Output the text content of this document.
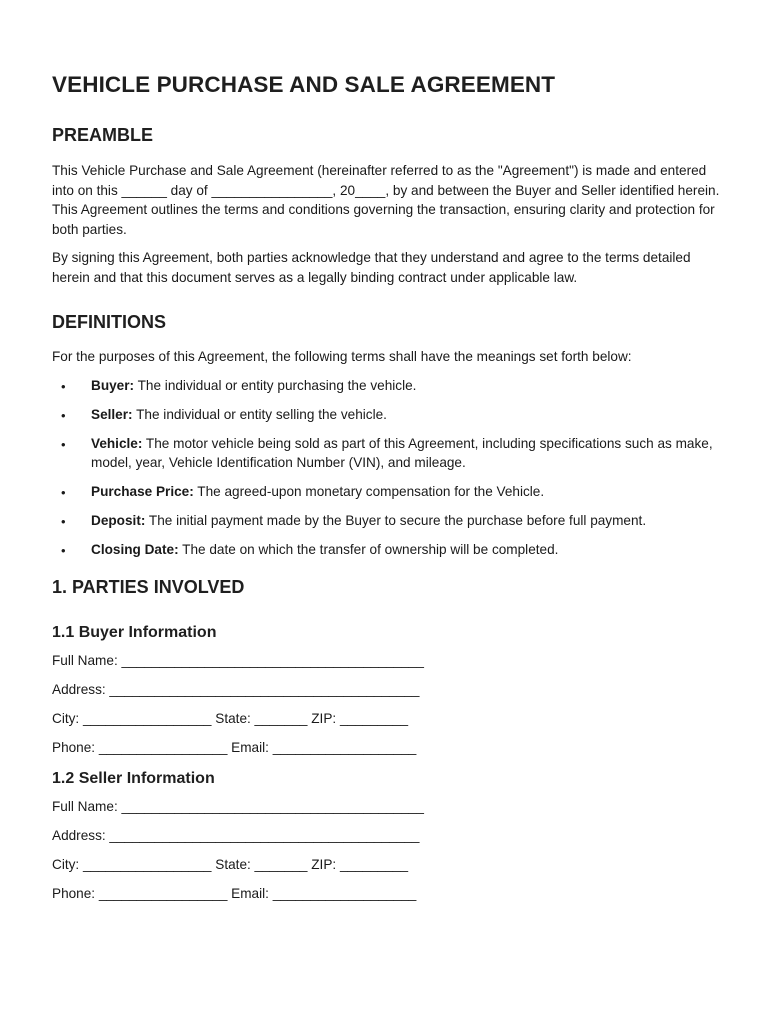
VEHICLE PURCHASE AND SALE AGREEMENT
PREAMBLE

This Vehicle Purchase and Sale Agreement (hereinafter referred to as the "Agreement") is made and entered into on this ______ day of ________________, 20____, by and between the Buyer and Seller identified herein. This Agreement outlines the terms and conditions governing the transaction, ensuring clarity and protection for both parties.

By signing this Agreement, both parties acknowledge that they understand and agree to the terms detailed herein and that this document serves as a legally binding contract under applicable law.

DEFINITIONS

For the purposes of this Agreement, the following terms shall have the meanings set forth below:

• Buyer: The individual or entity purchasing the vehicle.
• Seller: The individual or entity selling the vehicle.
• Vehicle: The motor vehicle being sold as part of this Agreement, including specifications such as make, model, year, Vehicle Identification Number (VIN), and mileage.
• Purchase Price: The agreed-upon monetary compensation for the Vehicle.
• Deposit: The initial payment made by the Buyer to secure the purchase before full payment.
• Closing Date: The date on which the transfer of ownership will be completed.
1. PARTIES INVOLVED
1.1 Buyer Information
Full Name: ________________________________________
Address: _________________________________________
City: _________________ State: _______ ZIP: _________
Phone: _________________ Email: ___________________
1.2 Seller Information
Full Name: ________________________________________
Address: _________________________________________
City: _________________ State: _______ ZIP: _________
Phone: _________________ Email: ___________________
